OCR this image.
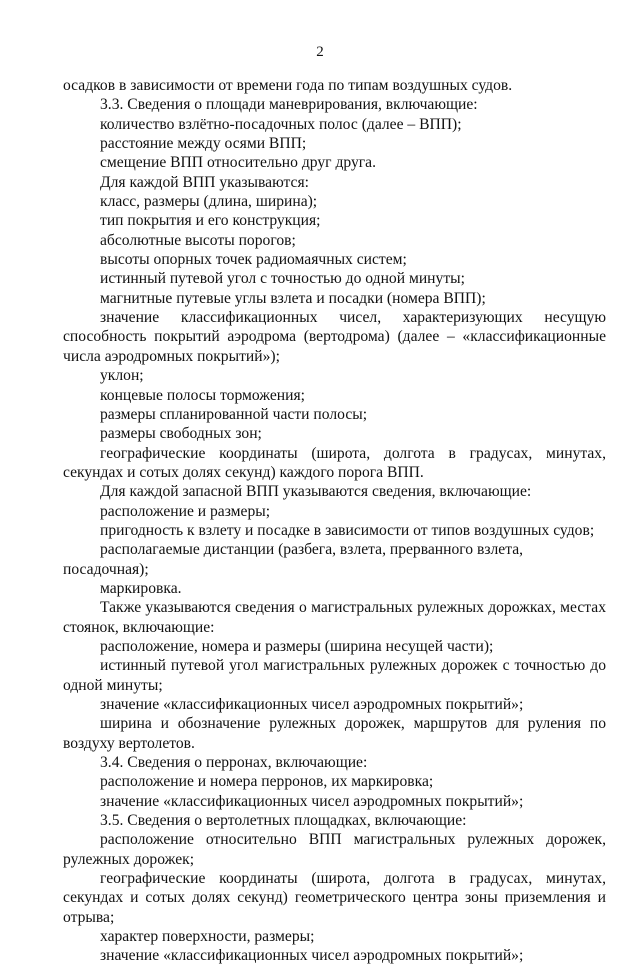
2

осадков в зависимости от времени года по типам воздушных судов.

3.3. Сведения о площади маневрирования, включающие:

количество взлётно-посадочных полос (далее – ВПП);

расстояние между осями ВПП;

смещение ВПП относительно друг друга.

Для каждой ВПП указываются:

класс, размеры (длина, ширина);

тип покрытия и его конструкция;

абсолютные высоты порогов;

высоты опорных точек радиомаячных систем;

истинный путевой угол с точностью до одной минуты;

магнитные путевые углы взлета и посадки (номера ВПП);

значение классификационных чисел, характеризующих несущую способность покрытий аэродрома (вертодрома) (далее – «классификационные числа аэродромных покрытий»);

уклон;

концевые полосы торможения;

размеры спланированной части полосы;

размеры свободных зон;

географические координаты (широта, долгота в градусах, минутах, секундах и сотых долях секунд) каждого порога ВПП.

Для каждой запасной ВПП указываются сведения, включающие:

расположение и размеры;

пригодность к взлету и посадке в зависимости от типов воздушных судов;

располагаемые дистанции (разбега, взлета, прерванного взлета, посадочная);

маркировка.

Также указываются сведения о магистральных рулежных дорожках, местах стоянок, включающие:

расположение, номера и размеры (ширина несущей части);

истинный путевой угол магистральных рулежных дорожек с точностью до одной минуты;

значение «классификационных чисел аэродромных покрытий»;

ширина и обозначение рулежных дорожек, маршрутов для руления по воздуху вертолетов.

3.4. Сведения о перронах, включающие:

расположение и номера перронов, их маркировка;

значение «классификационных чисел аэродромных покрытий»;

3.5. Сведения о вертолетных площадках, включающие:

расположение относительно ВПП магистральных рулежных дорожек, рулежных дорожек;

географические координаты (широта, долгота в градусах, минутах, секундах и сотых долях секунд) геометрического центра зоны приземления и отрыва;

характер поверхности, размеры;

значение «классификационных чисел аэродромных покрытий»;
